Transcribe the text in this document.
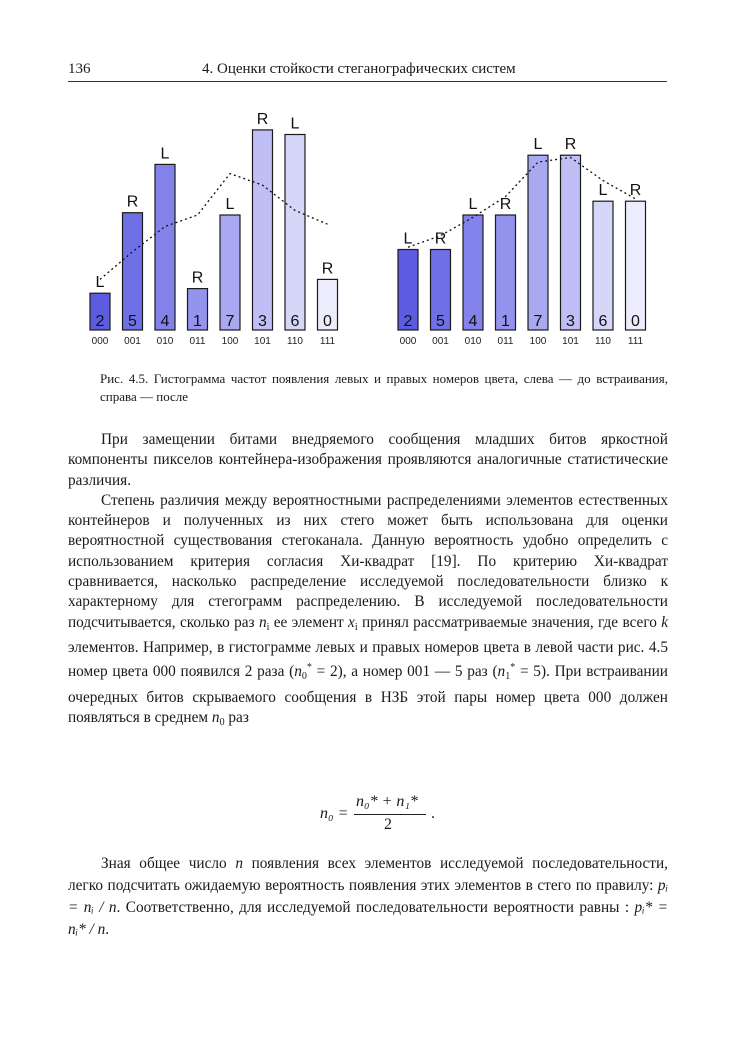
136	4. Оценки стойкости стеганографических систем
2
L
000
5
R
001
4
L
010
1
R
011
7
L
100
3
R
101
6
L
110
0
R
111
2
L
000
5
R
001
4
L
010
1
R
011
7
L
100
3
R
101
6
L
110
0
R
111
Рис. 4.5. Гистограмма частот появления левых и правых номеров цвета, слева — до встраивания, справа — после

При замещении битами внедряемого сообщения младших битов яркостной компоненты пикселов контейнера-изображения проявляются аналогичные статистические различия.

Степень различия между вероятностными распределениями элементов естественных контейнеров и полученных из них стего может быть использована для оценки вероятностной существования стегоканала. Данную вероятность удобно определить с использованием критерия согласия Хи-квадрат [19]. По критерию Хи-квадрат сравнивается, насколько распределение исследуемой последовательности близко к характерному для стегограмм распределению. В исследуемой последовательности подсчитывается, сколько раз $n_i$ ее элемент $x_i$ принял рассматриваемые значения, где всего k элементов. Например, в гистограмме левых и правых номеров цвета в левой части рис. 4.5 номер цвета 000 появился 2 раза $(n_0^* = 2)$, а номер 001 — 5 раз $(n_1^* = 5)$. При встраивании очередных битов скрываемого сообщения в НЗБ этой пары номер цвета 000 должен появляться в среднем $n_0$ раз

n₀ =
n₀* + n₁*
2
.

Зная общее число n появления всех элементов исследуемой последовательности, легко подсчитать ожидаемую вероятность появления этих элементов в стего по правилу: pᵢ = nᵢ / n. Соответственно, для исследуемой последовательности вероятности равны : pᵢ* = nᵢ* / n.
